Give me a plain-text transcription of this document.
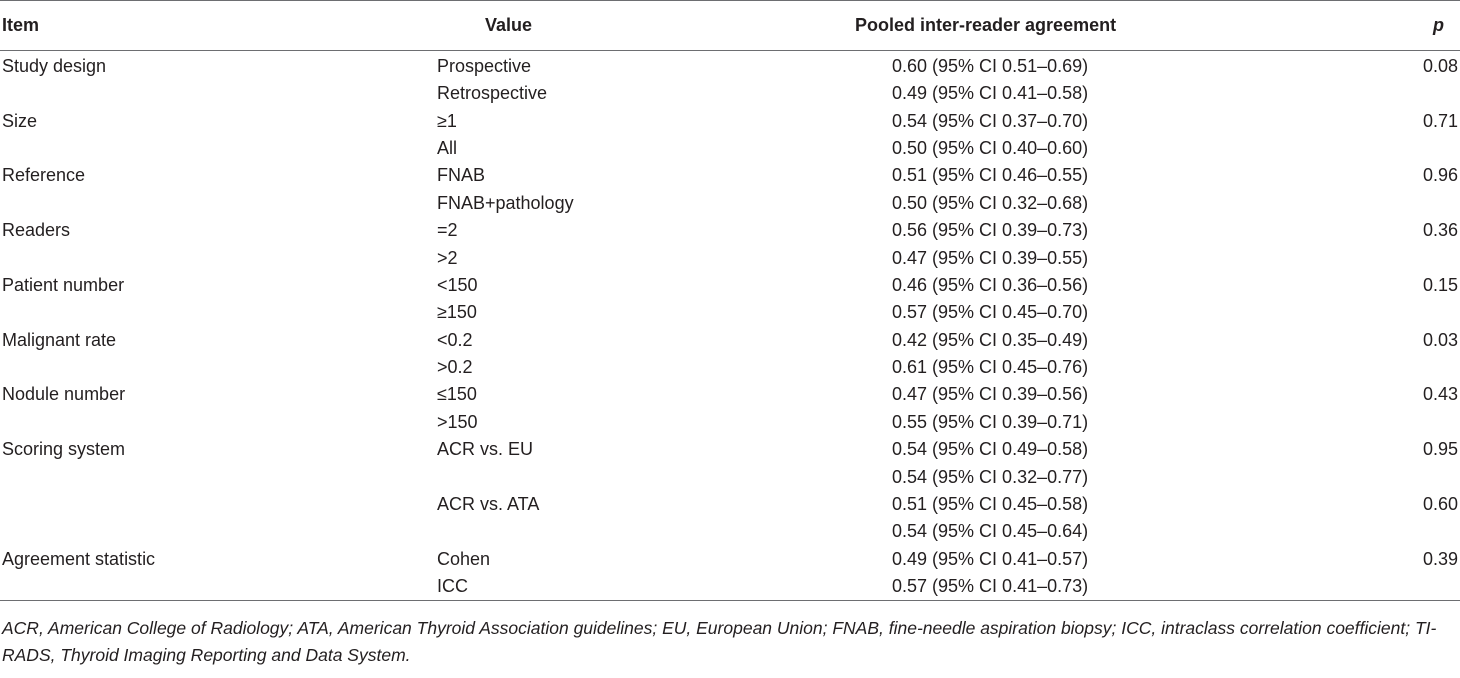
Item	Value	Pooled inter-reader agreement	p
Study design	Prospective	0.60 (95% CI 0.51–0.69)	0.08
	Retrospective	0.49 (95% CI 0.41–0.58)	
Size	≥1	0.54 (95% CI 0.37–0.70)	0.71
	All	0.50 (95% CI 0.40–0.60)	
Reference	FNAB	0.51 (95% CI 0.46–0.55)	0.96
	FNAB+pathology	0.50 (95% CI 0.32–0.68)	
Readers	=2	0.56 (95% CI 0.39–0.73)	0.36
	>2	0.47 (95% CI 0.39–0.55)	
Patient number	<150	0.46 (95% CI 0.36–0.56)	0.15
	≥150	0.57 (95% CI 0.45–0.70)	
Malignant rate	<0.2	0.42 (95% CI 0.35–0.49)	0.03
	>0.2	0.61 (95% CI 0.45–0.76)	
Nodule number	≤150	0.47 (95% CI 0.39–0.56)	0.43
	>150	0.55 (95% CI 0.39–0.71)	
Scoring system	ACR vs. EU	0.54 (95% CI 0.49–0.58)	0.95
		0.54 (95% CI 0.32–0.77)	
	ACR vs. ATA	0.51 (95% CI 0.45–0.58)	0.60
		0.54 (95% CI 0.45–0.64)	
Agreement statistic	Cohen	0.49 (95% CI 0.41–0.57)	0.39
	ICC	0.57 (95% CI 0.41–0.73)	
ACR, American College of Radiology; ATA, American Thyroid Association guidelines; EU, European Union; FNAB, fine-needle aspiration biopsy; ICC, intraclass correlation coefficient; TI-RADS, Thyroid Imaging Reporting and Data System.
